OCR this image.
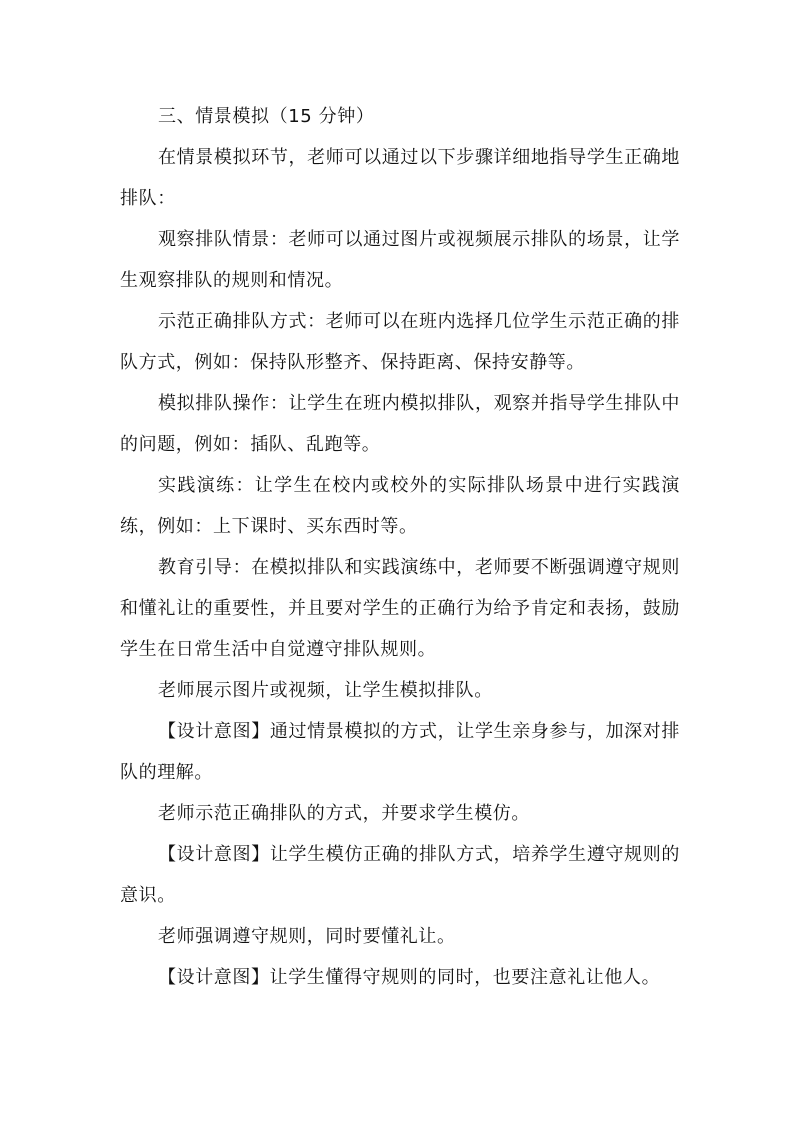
三、情景模拟（15 分钟）

在情景模拟环节，老师可以通过以下步骤详细地指导学生正确地排队：

观察排队情景：老师可以通过图片或视频展示排队的场景，让学生观察排队的规则和情况。

示范正确排队方式：老师可以在班内选择几位学生示范正确的排队方式，例如：保持队形整齐、保持距离、保持安静等。

模拟排队操作：让学生在班内模拟排队，观察并指导学生排队中的问题，例如：插队、乱跑等。

实践演练：让学生在校内或校外的实际排队场景中进行实践演练，例如：上下课时、买东西时等。

教育引导：在模拟排队和实践演练中，老师要不断强调遵守规则和懂礼让的重要性，并且要对学生的正确行为给予肯定和表扬，鼓励学生在日常生活中自觉遵守排队规则。

老师展示图片或视频，让学生模拟排队。

【设计意图】通过情景模拟的方式，让学生亲身参与，加深对排队的理解。

老师示范正确排队的方式，并要求学生模仿。

【设计意图】让学生模仿正确的排队方式，培养学生遵守规则的意识。

老师强调遵守规则，同时要懂礼让。

【设计意图】让学生懂得守规则的同时，也要注意礼让他人。
